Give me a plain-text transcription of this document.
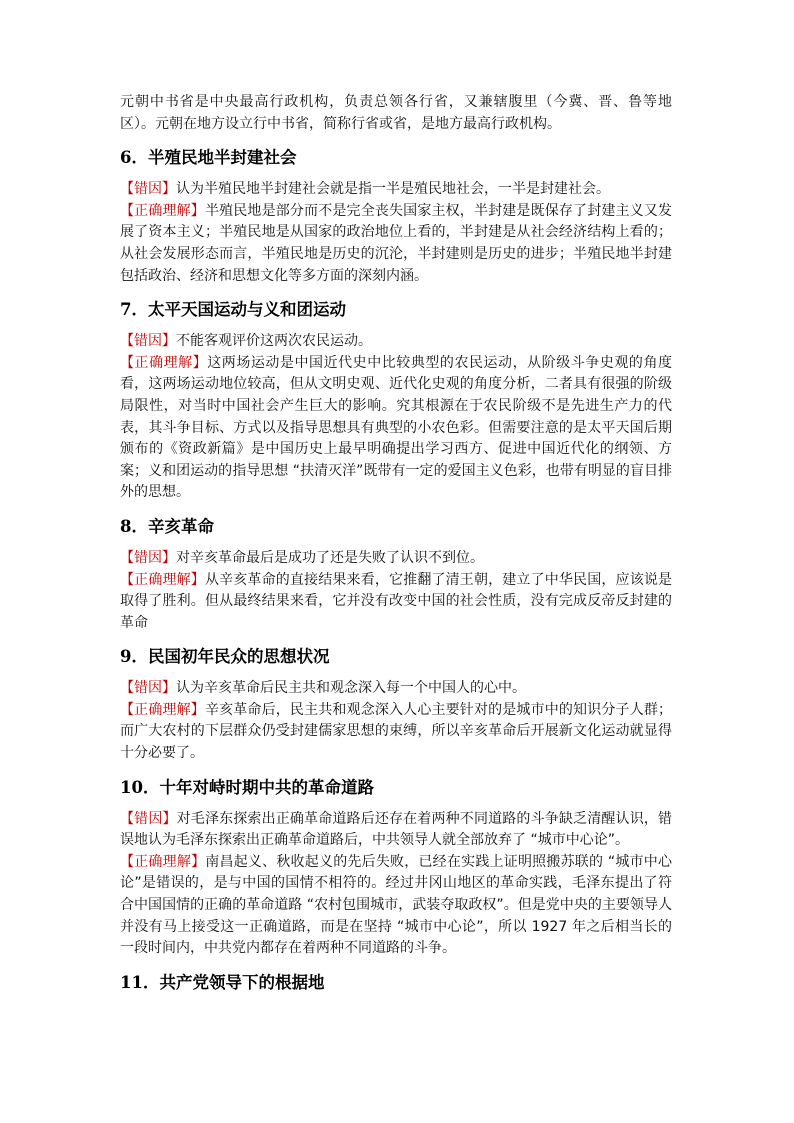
元朝中书省是中央最高行政机构，负责总领各行省，又兼辖腹里（今冀、晋、鲁等地区）。元朝在地方设立行中书省，简称行省或省，是地方最高行政机构。

6．半殖民地半封建社会

【错因】认为半殖民地半封建社会就是指一半是殖民地社会，一半是封建社会。

【正确理解】半殖民地是部分而不是完全丧失国家主权，半封建是既保存了封建主义又发展了资本主义；半殖民地是从国家的政治地位上看的，半封建是从社会经济结构上看的；从社会发展形态而言，半殖民地是历史的沉沦，半封建则是历史的进步；半殖民地半封建包括政治、经济和思想文化等多方面的深刻内涵。

7．太平天国运动与义和团运动

【错因】不能客观评价这两次农民运动。

【正确理解】这两场运动是中国近代史中比较典型的农民运动，从阶级斗争史观的角度看，这两场运动地位较高，但从文明史观、近代化史观的角度分析，二者具有很强的阶级局限性，对当时中国社会产生巨大的影响。究其根源在于农民阶级不是先进生产力的代表，其斗争目标、方式以及指导思想具有典型的小农色彩。但需要注意的是太平天国后期颁布的《资政新篇》是中国历史上最早明确提出学习西方、促进中国近代化的纲领、方案；义和团运动的指导思想 “扶清灭洋”既带有一定的爱国主义色彩，也带有明显的盲目排外的思想。

8．辛亥革命

【错因】对辛亥革命最后是成功了还是失败了认识不到位。

【正确理解】从辛亥革命的直接结果来看，它推翻了清王朝，建立了中华民国，应该说是取得了胜利。但从最终结果来看，它并没有改变中国的社会性质，没有完成反帝反封建的革命

9．民国初年民众的思想状况

【错因】认为辛亥革命后民主共和观念深入每一个中国人的心中。

【正确理解】辛亥革命后，民主共和观念深入人心主要针对的是城市中的知识分子人群；而广大农村的下层群众仍受封建儒家思想的束缚，所以辛亥革命后开展新文化运动就显得十分必要了。

10．十年对峙时期中共的革命道路

【错因】对毛泽东探索出正确革命道路后还存在着两种不同道路的斗争缺乏清醒认识，错误地认为毛泽东探索出正确革命道路后，中共领导人就全部放弃了 “城市中心论”。

【正确理解】南昌起义、秋收起义的先后失败，已经在实践上证明照搬苏联的 “城市中心论”是错误的，是与中国的国情不相符的。经过井冈山地区的革命实践，毛泽东提出了符合中国国情的正确的革命道路 “农村包围城市，武装夺取政权”。但是党中央的主要领导人并没有马上接受这一正确道路，而是在坚持 “城市中心论”，所以 1927 年之后相当长的一段时间内，中共党内都存在着两种不同道路的斗争。

11．共产党领导下的根据地
